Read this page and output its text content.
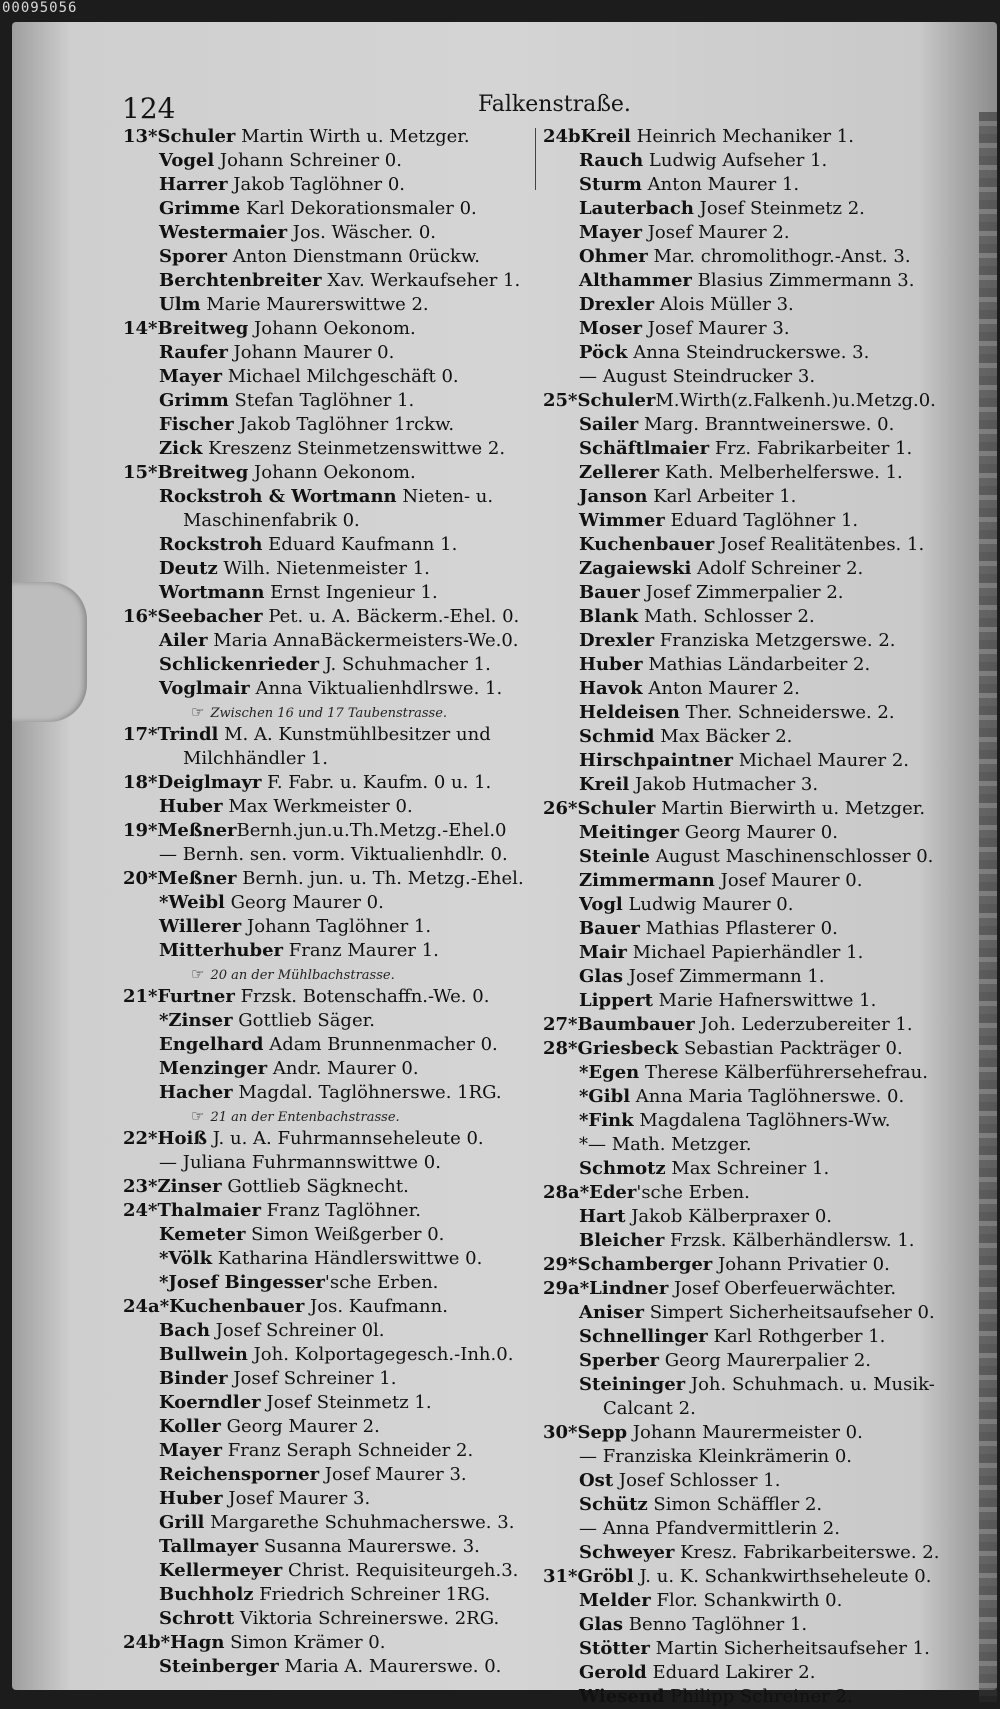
00095056
124	Falkenstraße.
13*Schuler Martin Wirth u. Metzger.
Vogel Johann Schreiner 0.
Harrer Jakob Taglöhner 0.
Grimme Karl Dekorationsmaler 0.
Westermaier Jos. Wäscher. 0.
Sporer Anton Dienstmann 0rückw.
Berchtenbreiter Xav. Werkaufseher 1.
Ulm Marie Maurerswittwe 2.
14*Breitweg Johann Oekonom.
Raufer Johann Maurer 0.
Mayer Michael Milchgeschäft 0.
Grimm Stefan Taglöhner 1.
Fischer Jakob Taglöhner 1rckw.
Zick Kreszenz Steinmetzenswittwe 2.
15*Breitweg Johann Oekonom.
Rockstroh & Wortmann Nieten- u.
Maschinenfabrik 0.
Rockstroh Eduard Kaufmann 1.
Deutz Wilh. Nietenmeister 1.
Wortmann Ernst Ingenieur 1.
16*Seebacher Pet. u. A. Bäckerm.-Ehel. 0.
Ailer Maria AnnaBäckermeisters-We.0.
Schlickenrieder J. Schuhmacher 1.
Voglmair Anna Viktualienhdlrswe. 1.
☞ Zwischen 16 und 17 Taubenstrasse.
17*Trindl M. A. Kunstmühlbesitzer und
Milchhändler 1.
18*Deiglmayr F. Fabr. u. Kaufm. 0 u. 1.
Huber Max Werkmeister 0.
19*MeßnerBernh.jun.u.Th.Metzg.-Ehel.0
— Bernh. sen. vorm. Viktualienhdlr. 0.
20*Meßner Bernh. jun. u. Th. Metzg.-Ehel.
*Weibl Georg Maurer 0.
Willerer Johann Taglöhner 1.
Mitterhuber Franz Maurer 1.
☞ 20 an der Mühlbachstrasse.
21*Furtner Frzsk. Botenschaffn.-We. 0.
*Zinser Gottlieb Säger.
Engelhard Adam Brunnenmacher 0.
Menzinger Andr. Maurer 0.
Hacher Magdal. Taglöhnerswe. 1RG.
☞ 21 an der Entenbachstrasse.
22*Hoiß J. u. A. Fuhrmannseheleute 0.
— Juliana Fuhrmannswittwe 0.
23*Zinser Gottlieb Sägknecht.
24*Thalmaier Franz Taglöhner.
Kemeter Simon Weißgerber 0.
*Völk Katharina Händlerswittwe 0.
*Josef Bingesser'sche Erben.
24a*Kuchenbauer Jos. Kaufmann.
Bach Josef Schreiner 0l.
Bullwein Joh. Kolportagegesch.-Inh.0.
Binder Josef Schreiner 1.
Koerndler Josef Steinmetz 1.
Koller Georg Maurer 2.
Mayer Franz Seraph Schneider 2.
Reichensporner Josef Maurer 3.
Huber Josef Maurer 3.
Grill Margarethe Schuhmacherswe. 3.
Tallmayer Susanna Maurerswe. 3.
Kellermeyer Christ. Requisiteurgeh.3.
Buchholz Friedrich Schreiner 1RG.
Schrott Viktoria Schreinerswe. 2RG.
24b*Hagn Simon Krämer 0.
Steinberger Maria A. Maurerswe. 0.
24bKreil Heinrich Mechaniker 1.
Rauch Ludwig Aufseher 1.
Sturm Anton Maurer 1.
Lauterbach Josef Steinmetz 2.
Mayer Josef Maurer 2.
Ohmer Mar. chromolithogr.-Anst. 3.
Althammer Blasius Zimmermann 3.
Drexler Alois Müller 3.
Moser Josef Maurer 3.
Pöck Anna Steindruckerswe. 3.
— August Steindrucker 3.
25*SchulerM.Wirth(z.Falkenh.)u.Metzg.0.
Sailer Marg. Branntweinerswe. 0.
Schäftlmaier Frz. Fabrikarbeiter 1.
Zellerer Kath. Melberhelferswe. 1.
Janson Karl Arbeiter 1.
Wimmer Eduard Taglöhner 1.
Kuchenbauer Josef Realitätenbes. 1.
Zagaiewski Adolf Schreiner 2.
Bauer Josef Zimmerpalier 2.
Blank Math. Schlosser 2.
Drexler Franziska Metzgerswe. 2.
Huber Mathias Ländarbeiter 2.
Havok Anton Maurer 2.
Heldeisen Ther. Schneiderswe. 2.
Schmid Max Bäcker 2.
Hirschpaintner Michael Maurer 2.
Kreil Jakob Hutmacher 3.
26*Schuler Martin Bierwirth u. Metzger.
Meitinger Georg Maurer 0.
Steinle August Maschinenschlosser 0.
Zimmermann Josef Maurer 0.
Vogl Ludwig Maurer 0.
Bauer Mathias Pflasterer 0.
Mair Michael Papierhändler 1.
Glas Josef Zimmermann 1.
Lippert Marie Hafnerswittwe 1.
27*Baumbauer Joh. Lederzubereiter 1.
28*Griesbeck Sebastian Packträger 0.
*Egen Therese Kälberführersehefrau.
*Gibl Anna Maria Taglöhnerswe. 0.
*Fink Magdalena Taglöhners-Ww.
*— Math. Metzger.
Schmotz Max Schreiner 1.
28a*Eder'sche Erben.
Hart Jakob Kälberpraxer 0.
Bleicher Frzsk. Kälberhändlersw. 1.
29*Schamberger Johann Privatier 0.
29a*Lindner Josef Oberfeuerwächter.
Aniser Simpert Sicherheitsaufseher 0.
Schnellinger Karl Rothgerber 1.
Sperber Georg Maurerpalier 2.
Steininger Joh. Schuhmach. u. Musik-
Calcant 2.
30*Sepp Johann Maurermeister 0.
— Franziska Kleinkrämerin 0.
Ost Josef Schlosser 1.
Schütz Simon Schäffler 2.
— Anna Pfandvermittlerin 2.
Schweyer Kresz. Fabrikarbeiterswe. 2.
31*Gröbl J. u. K. Schankwirthseheleute 0.
Melder Flor. Schankwirth 0.
Glas Benno Taglöhner 1.
Stötter Martin Sicherheitsaufseher 1.
Gerold Eduard Lakirer 2.
Wiesend Philipp Schreiner 2.
